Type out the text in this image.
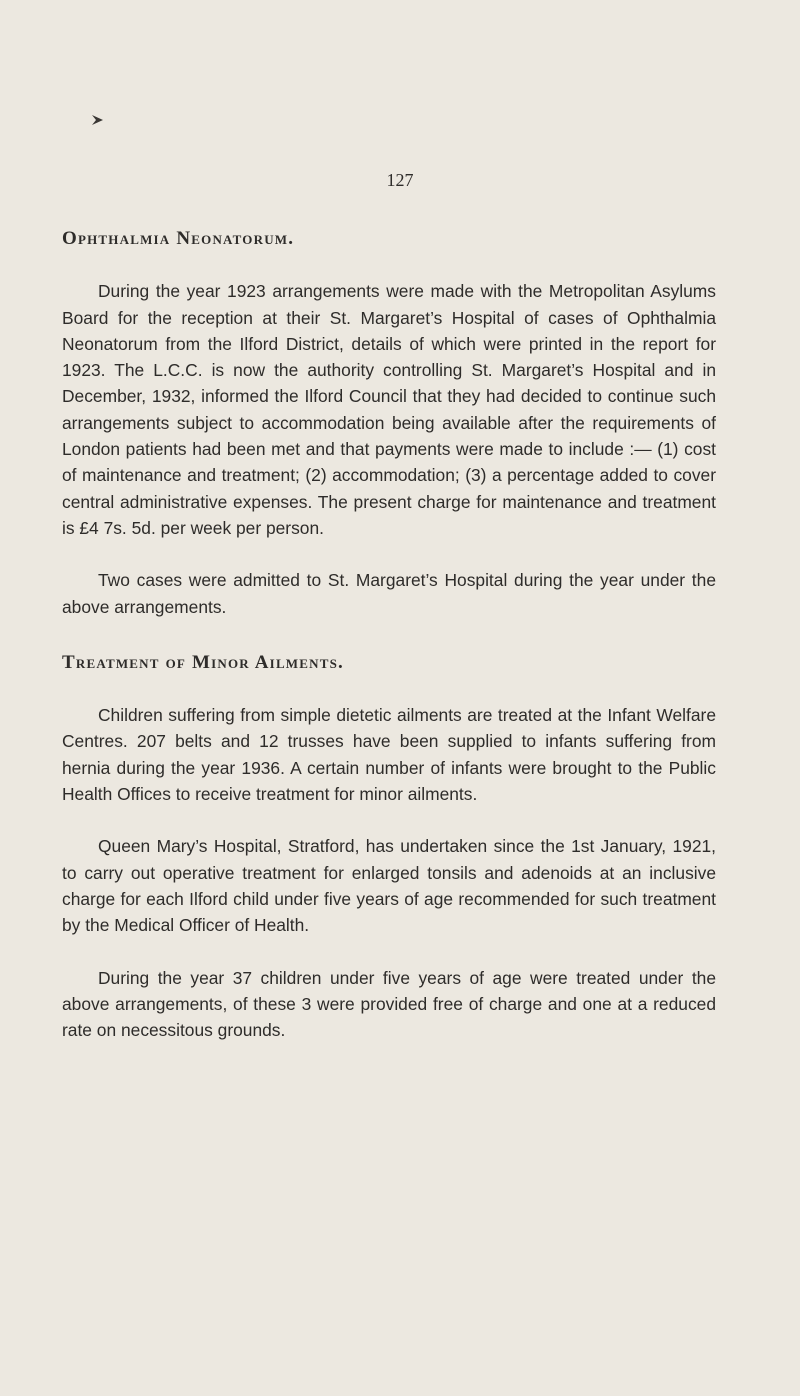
127
Ophthalmia Neonatorum.

During the year 1923 arrangements were made with the Metropolitan Asylums Board for the reception at their St. Margaret’s Hospital of cases of Ophthalmia Neonatorum from the Ilford District, details of which were printed in the report for 1923. The L.C.C. is now the authority controlling St. Margaret’s Hospital and in December, 1932, informed the Ilford Council that they had decided to continue such arrangements subject to accommodation being available after the requirements of London patients had been met and that payments were made to include :— (1) cost of maintenance and treatment; (2) accommodation; (3) a percentage added to cover central administrative expenses. The present charge for maintenance and treatment is £4 7s. 5d. per week per person.

Two cases were admitted to St. Margaret’s Hospital during the year under the above arrangements.

Treatment of Minor Ailments.

Children suffering from simple dietetic ailments are treated at the Infant Welfare Centres. 207 belts and 12 trusses have been supplied to infants suffering from hernia during the year 1936. A certain number of infants were brought to the Public Health Offices to receive treatment for minor ailments.

Queen Mary’s Hospital, Stratford, has undertaken since the 1st January, 1921, to carry out operative treatment for enlarged tonsils and adenoids at an inclusive charge for each Ilford child under five years of age recommended for such treatment by the Medical Officer of Health.

During the year 37 children under five years of age were treated under the above arrangements, of these 3 were provided free of charge and one at a reduced rate on necessitous grounds.
